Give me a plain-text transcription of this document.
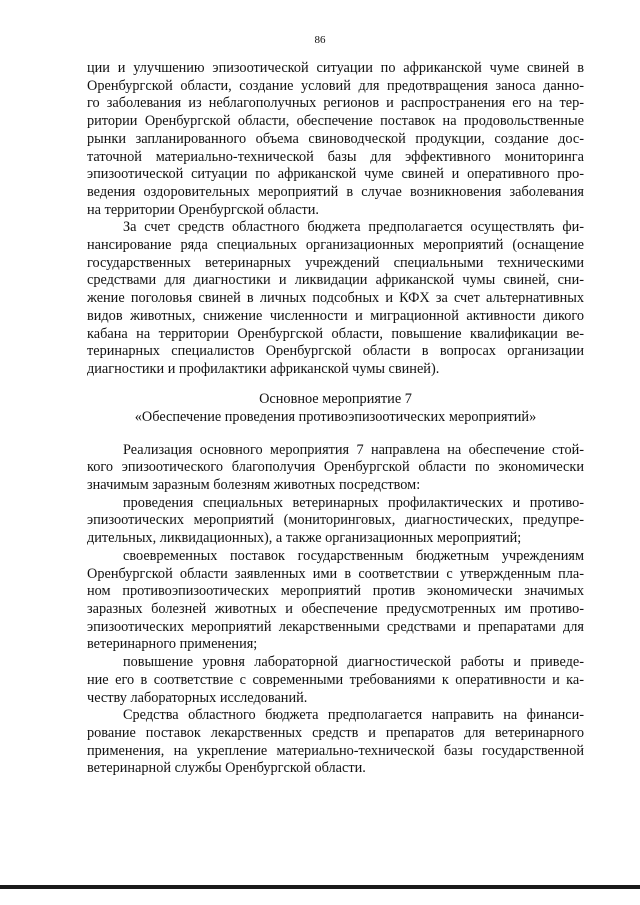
86
ции и улучшению эпизоотической ситуации по африканской чуме свиней в
Оренбургской области, создание условий для предотвращения заноса данно-
го заболевания из неблагополучных регионов и распространения его на тер-
ритории Оренбургской области, обеспечение поставок на продовольственные
рынки запланированного объема свиноводческой продукции, создание дос-
таточной материально-технической базы для эффективного мониторинга
эпизоотической ситуации по африканской чуме свиней и оперативного про-
ведения оздоровительных мероприятий в случае возникновения заболевания
на территории Оренбургской области.
За счет средств областного бюджета предполагается осуществлять фи-
нансирование ряда специальных организационных мероприятий (оснащение
государственных ветеринарных учреждений специальными техническими
средствами для диагностики и ликвидации африканской чумы свиней, сни-
жение поголовья свиней в личных подсобных и КФХ за счет альтернативных
видов животных, снижение численности и миграционной активности дикого
кабана на территории Оренбургской области, повышение квалификации ве-
теринарных специалистов Оренбургской области в вопросах организации
диагностики и профилактики африканской чумы свиней).
Основное мероприятие 7
«Обеспечение проведения противоэпизоотических мероприятий»
Реализация основного мероприятия 7 направлена на обеспечение стой-
кого эпизоотического благополучия Оренбургской области по экономически
значимым заразным болезням животных посредством:
проведения специальных ветеринарных профилактических и противо-
эпизоотических мероприятий (мониторинговых, диагностических, предупре-
дительных, ликвидационных), а также организационных мероприятий;
своевременных поставок государственным бюджетным учреждениям
Оренбургской области заявленных ими в соответствии с утвержденным пла-
ном противоэпизоотических мероприятий против экономически значимых
заразных болезней животных и обеспечение предусмотренных им противо-
эпизоотических мероприятий лекарственными средствами и препаратами для
ветеринарного применения;
повышение уровня лабораторной диагностической работы и приведе-
ние его в соответствие с современными требованиями к оперативности и ка-
честву лабораторных исследований.
Средства областного бюджета предполагается направить на финанси-
рование поставок лекарственных средств и препаратов для ветеринарного
применения, на укрепление материально-технической базы государственной
ветеринарной службы Оренбургской области.
